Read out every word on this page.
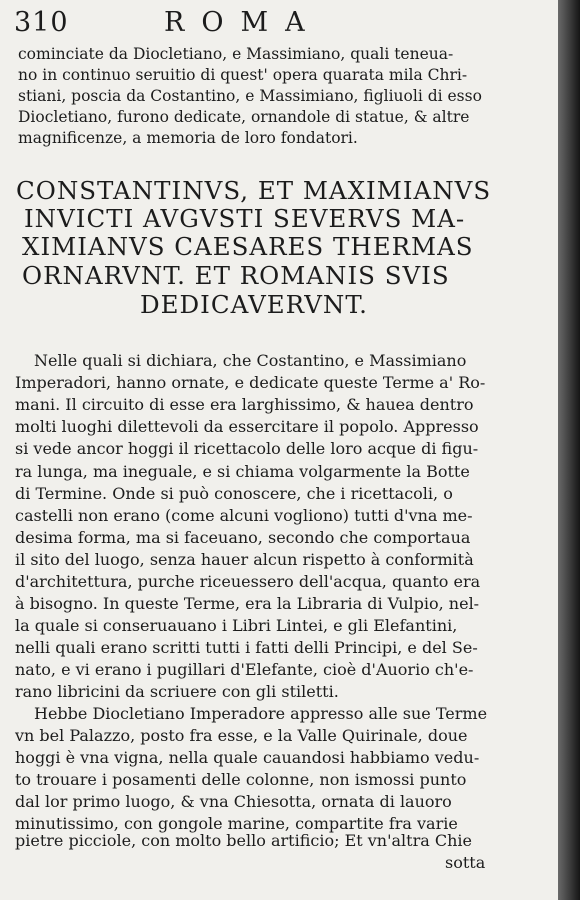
310	ROMA
cominciate da Diocletiano, e Massimiano, quali teneua-
no in continuo seruitio di quest' opera quarata mila Chri-
stiani, poscia da Costantino, e Massimiano, figliuoli di esso
Diocletiano, furono dedicate, ornandole di statue, & altre
magnificenze, a memoria de loro fondatori.
CONSTANTINVS, ET MAXIMIANVS
INVICTI AVGVSTI SEVERVS MA-
XIMIANVS CAESARES THERMAS
ORNARVNT. ET ROMANIS SVIS
DEDICAVERVNT.
Nelle quali si dichiara, che Costantino, e Massimiano
Imperadori, hanno ornate, e dedicate queste Terme a' Ro-
mani. Il circuito di esse era larghissimo, & haueа dentro
molti luoghi dilettevoli da essercitare il popolo. Appresso
si vede ancor hoggi il ricettacolo delle loro acque di figu-
ra lunga, ma ineguale, e si chiama volgarmente la Botte
di Termine. Onde si può conoscere, che i ricettacoli, o
castelli non erano (come alcuni vogliono) tutti d'vna me-
desima forma, ma si faceuano, secondo che comportaua
il sito del luogo, senza hauer alcun rispetto à conformità
d'architettura, purche riceuessero dell'acqua, quanto era
à bisogno. In queste Terme, era la Libraria di Vulpio, nel-
la quale si conseruauano i Libri Lintei, e gli Elefantini,
nelli quali erano scritti tutti i fatti delli Principi, e del Se-
nato, e vi erano i pugillari d'Elefante, cioè d'Auorio ch'e-
rano libricini da scriuere con gli stiletti.
Hebbe Diocletiano Imperadore appresso alle sue Terme
vn bel Palazzo, posto fra esse, e la Valle Quirinale, doue
hoggi è vna vigna, nella quale cauandosi habbiamo vedu-
to trouare i posamenti delle colonne, non ismossi punto
dal lor primo luogo, & vna Chiesotta, ornata di lauoro
minutissimo, con gongole marine, compartite fra varie
pietre picciole, con molto bello artificio; Et vn'altra Chie
sotta
